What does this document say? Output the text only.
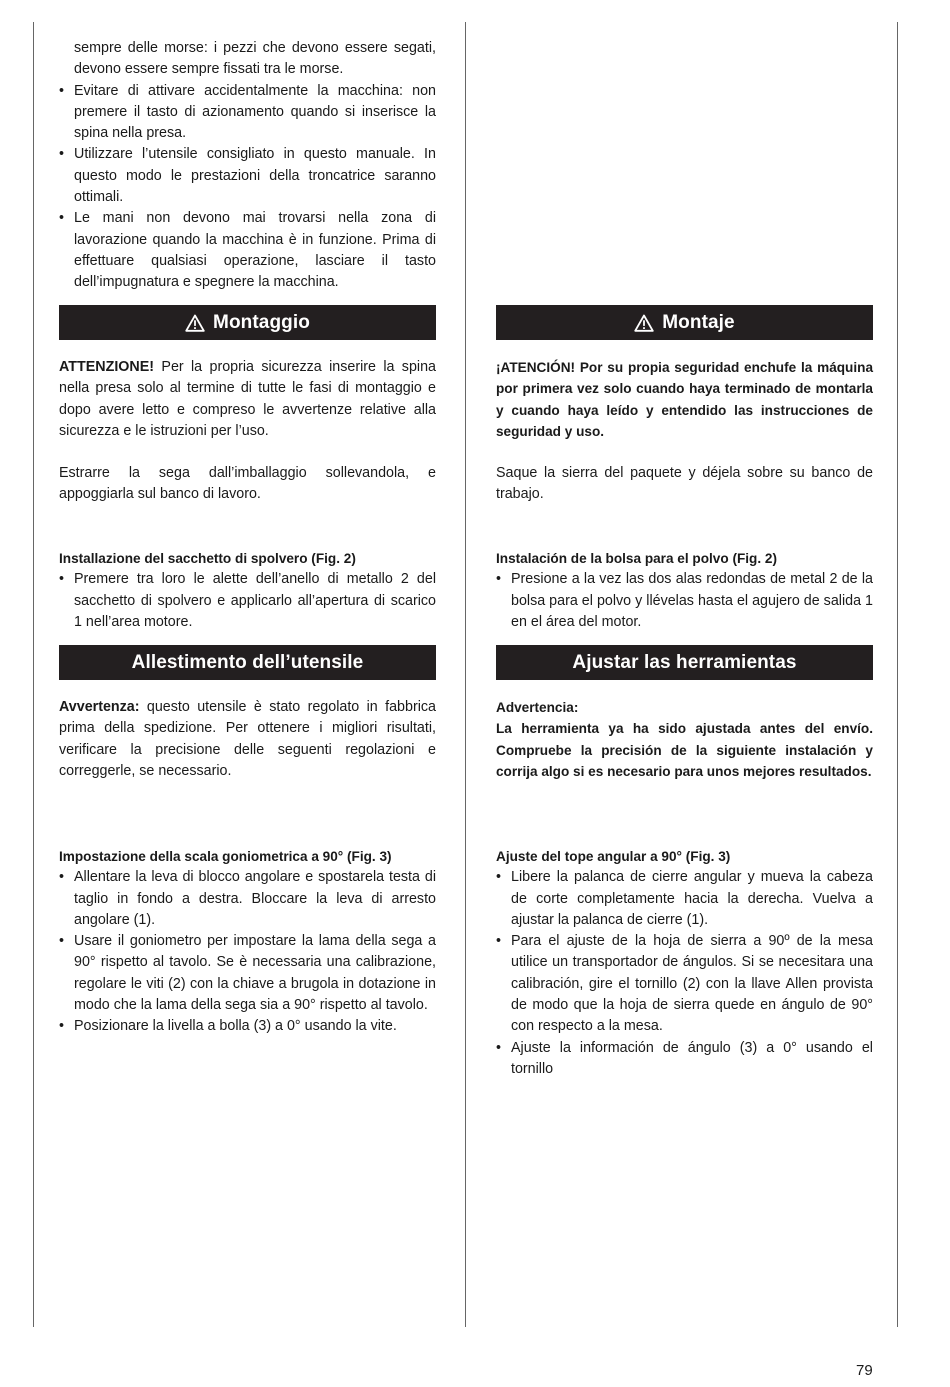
sempre delle morse: i pezzi che devono essere segati, devono essere sempre fissati tra le morse.

• Evitare di attivare accidentalmente la macchina: non premere il tasto di azionamento quando si inserisce la spina nella presa.
• Utilizzare l’utensile consigliato in questo manuale. In questo modo le prestazioni della troncatrice saranno ottimali.
• Le mani non devono mai trovarsi nella zona di lavorazione quando la macchina è in funzione. Prima di effettuare qualsiasi operazione, lasciare il tasto dell’impugnatura e spegnere la macchina.
Montaggio

ATTENZIONE! Per la propria sicurezza inserire la spina nella presa solo al termine di tutte le fasi di montaggio e dopo avere letto e compreso le avvertenze relative alla sicurezza e le istruzioni per l’uso.

Estrarre la sega dall’imballaggio sollevandola, e appoggiarla sul banco di lavoro.

Installazione del sacchetto di spolvero (Fig. 2)

• Premere tra loro le alette dell’anello di metallo 2 del sacchetto di spolvero e applicarlo all’apertura di scarico 1 nell’area motore.
Allestimento dell’utensile

Avvertenza: questo utensile è stato regolato in fabbrica prima della spedizione. Per ottenere i migliori risultati, verificare la precisione delle seguenti regolazioni e correggerle, se necessario.

Impostazione della scala goniometrica a 90° (Fig. 3)

• Allentare la leva di blocco angolare e spostarela testa di taglio in fondo a destra. Bloccare la leva di arresto angolare (1).
• Usare il goniometro per impostare la lama della sega a 90° rispetto al tavolo. Se è necessaria una calibrazione, regolare le viti (2) con la chiave a brugola in dotazione in modo che la lama della sega sia a 90° rispetto al tavolo.
• Posizionare la livella a bolla (3) a 0° usando la vite.
Montaje

¡ATENCIÓN! Por su propia seguridad enchufe la máquina por primera vez solo cuando haya terminado de montarla y cuando haya leído y entendido las instrucciones de seguridad y uso.

Saque la sierra del paquete y déjela sobre su banco de trabajo.

Instalación de la bolsa para el polvo (Fig. 2)

• Presione a la vez las dos alas redondas de metal 2 de la bolsa para el polvo y llévelas hasta el agujero de salida 1 en el área del motor.
Ajustar las herramientas

Advertencia:

La herramienta ya ha sido ajustada antes del envío. Compruebe la precisión de la siguiente instalación y corrija algo si es necesario para unos mejores resultados.

Ajuste del tope angular a 90° (Fig. 3)

• Libere la palanca de cierre angular y mueva la cabeza de corte completamente hacia la derecha. Vuelva a ajustar la palanca de cierre (1).
• Para el ajuste de la hoja de sierra a 90º de la mesa utilice un transportador de ángulos. Si se necesitara una calibración, gire el tornillo (2) con la llave Allen provista de modo que la hoja de sierra quede en ángulo de 90° con respecto a la mesa.
• Ajuste la información de ángulo (3) a 0° usando el tornillo
79
